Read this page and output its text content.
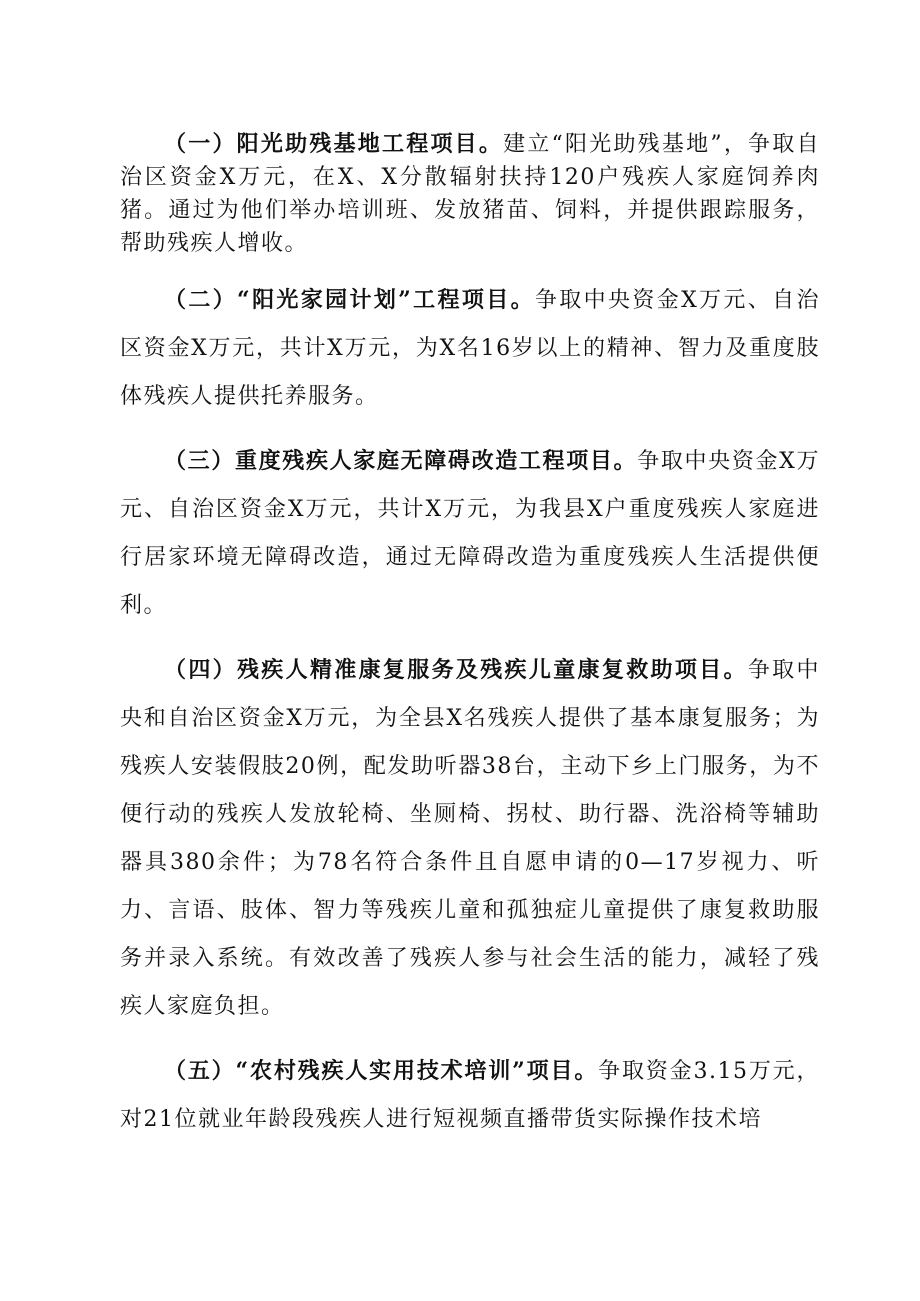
（一）阳光助残基地工程项目。建立“阳光助残基地”，争取自治区资金X万元，在X、X分散辐射扶持120户残疾人家庭饲养肉猪。通过为他们举办培训班、发放猪苗、饲料，并提供跟踪服务，帮助残疾人增收。

（二）“阳光家园计划”工程项目。争取中央资金X万元、自治区资金X万元，共计X万元，为X名16岁以上的精神、智力及重度肢体残疾人提供托养服务。

（三）重度残疾人家庭无障碍改造工程项目。争取中央资金X万元、自治区资金X万元，共计X万元，为我县X户重度残疾人家庭进行居家环境无障碍改造，通过无障碍改造为重度残疾人生活提供便利。

（四）残疾人精准康复服务及残疾儿童康复救助项目。争取中央和自治区资金X万元，为全县X名残疾人提供了基本康复服务；为残疾人安装假肢20例，配发助听器38台，主动下乡上门服务，为不便行动的残疾人发放轮椅、坐厕椅、拐杖、助行器、洗浴椅等辅助器具380余件；为78名符合条件且自愿申请的0—17岁视力、听力、言语、肢体、智力等残疾儿童和孤独症儿童提供了康复救助服务并录入系统。有效改善了残疾人参与社会生活的能力，减轻了残疾人家庭负担。

（五）“农村残疾人实用技术培训”项目。争取资金3.15万元，对21位就业年龄段残疾人进行短视频直播带货实际操作技术培
